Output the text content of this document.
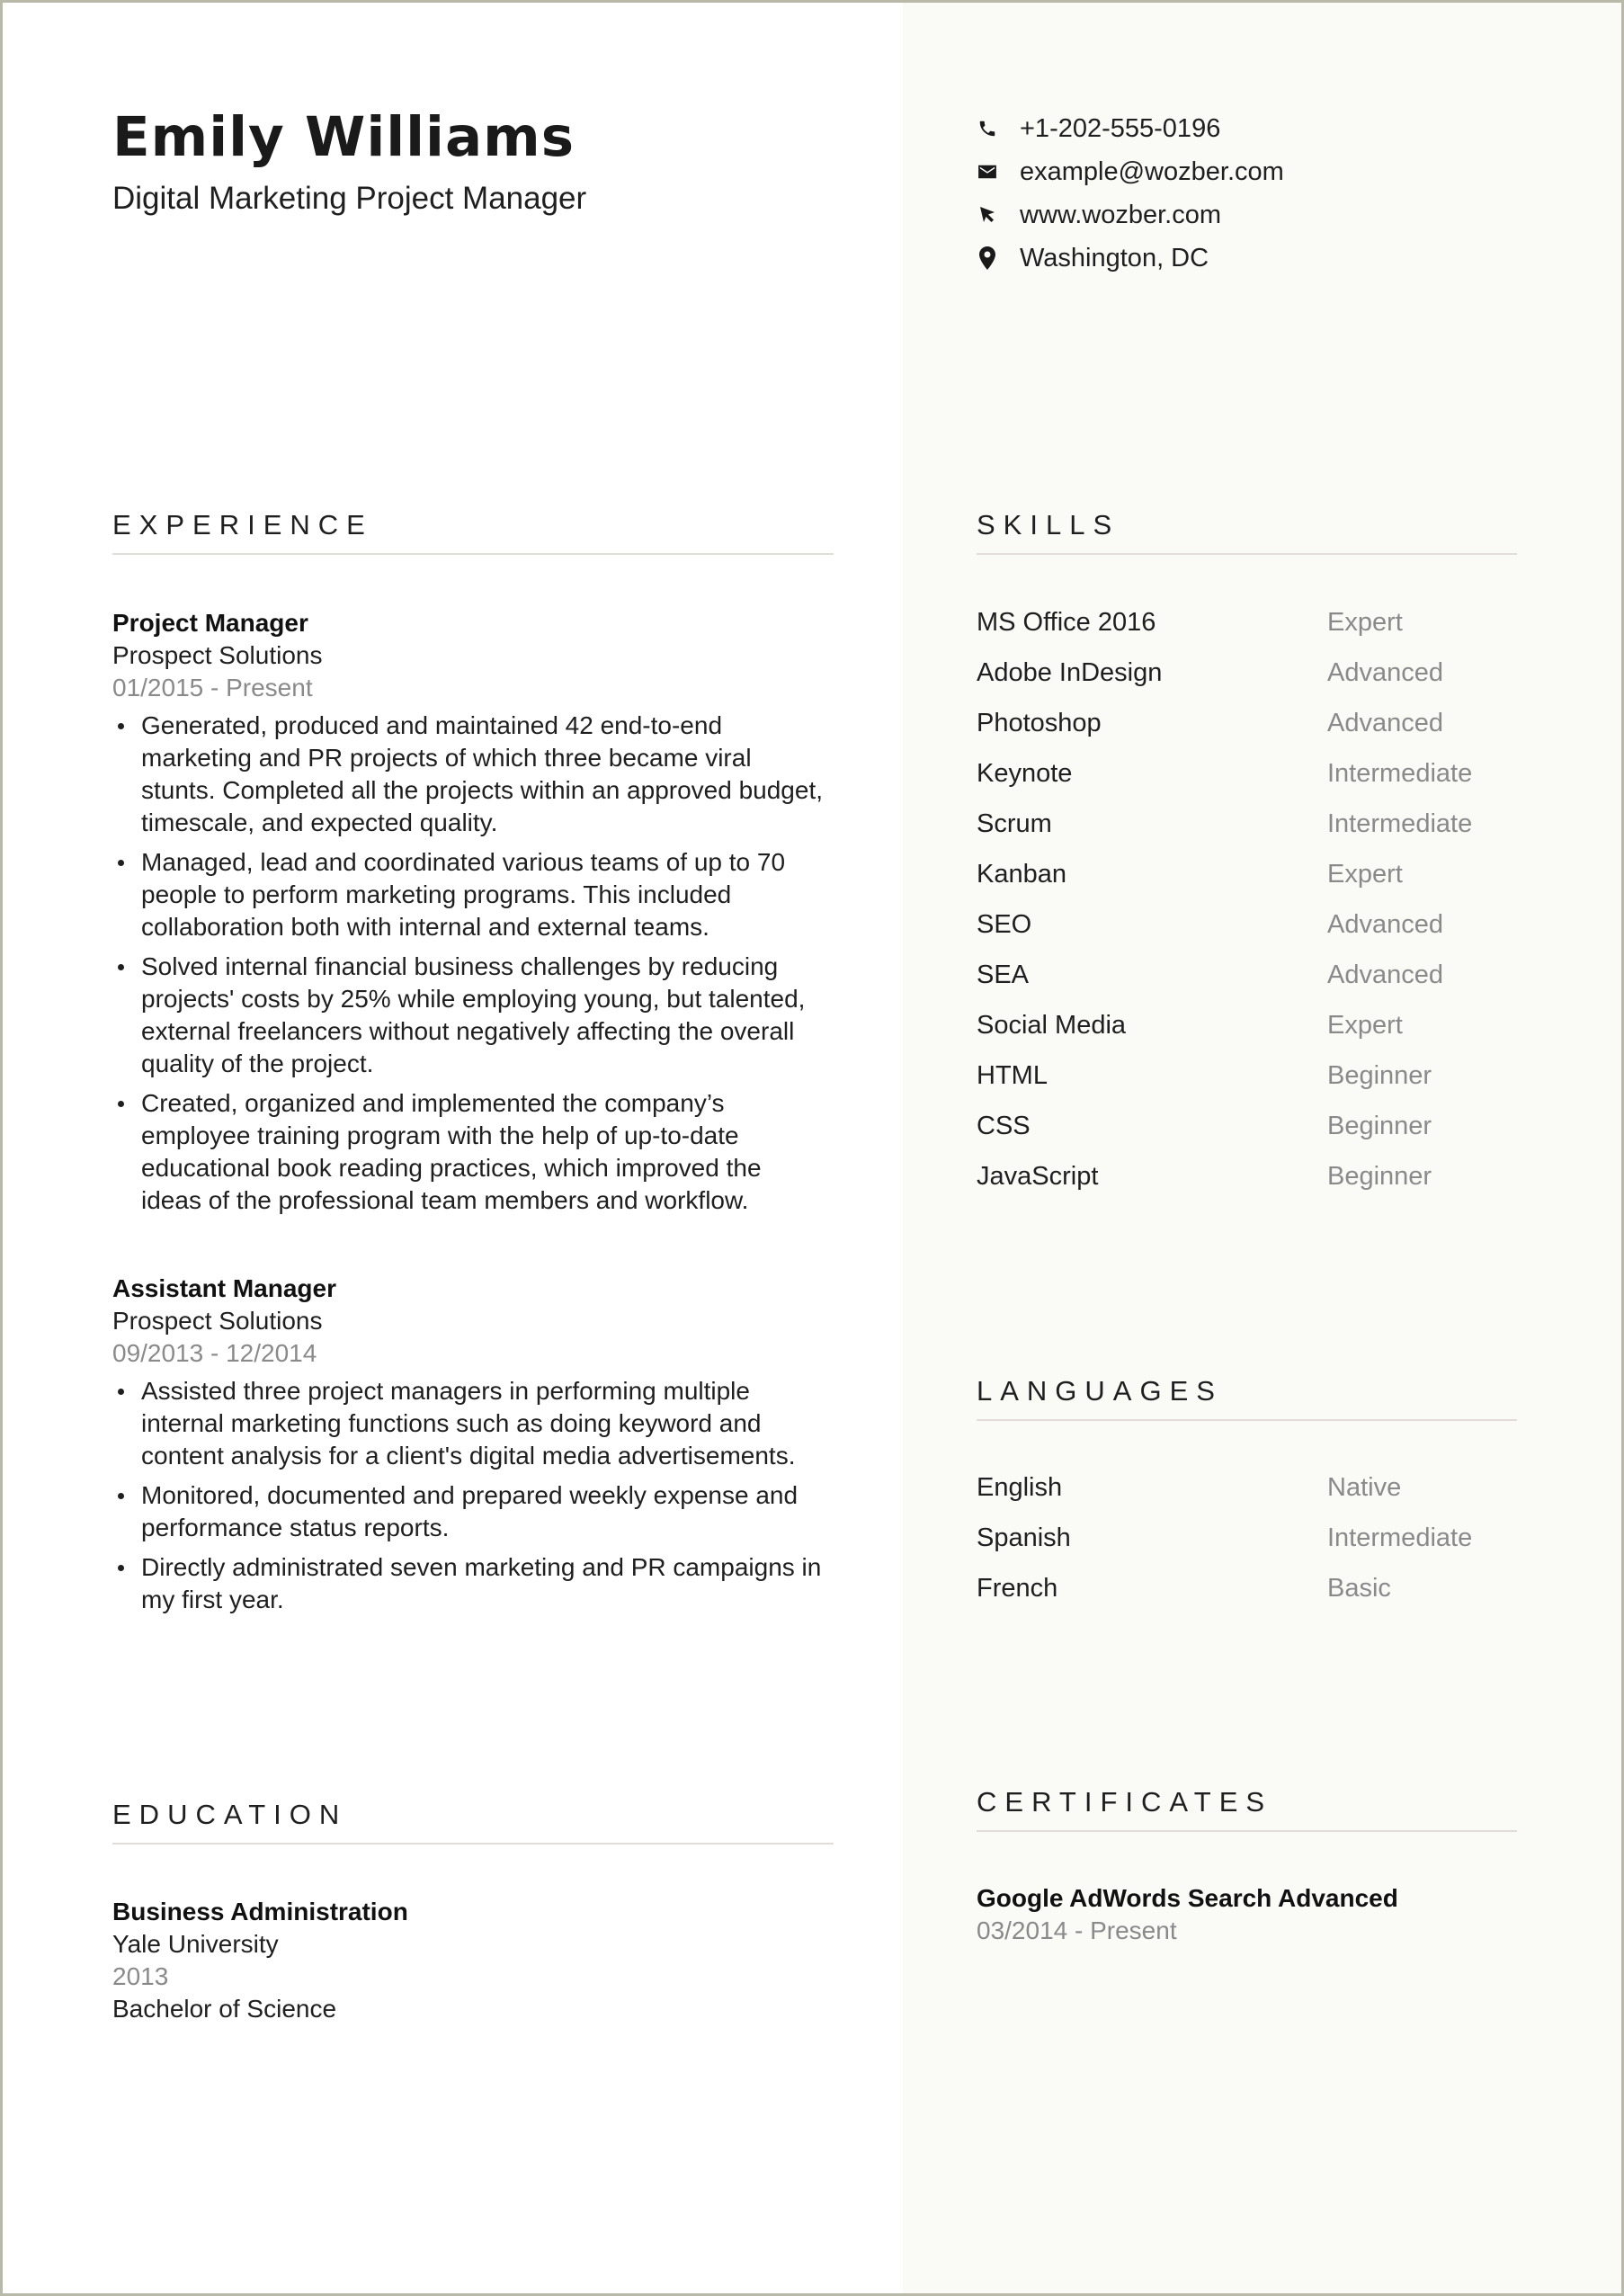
Emily Williams
Digital Marketing Project Manager
+1-202-555-0196
example@wozber.com
www.wozber.com
Washington, DC
EXPERIENCE
Project Manager
Prospect Solutions
01/2015 - Present
Generated, produced and maintained 42 end-to-end marketing and PR projects of which three became viral stunts. Completed all the projects within an approved budget, timescale, and expected quality.
Managed, lead and coordinated various teams of up to 70 people to perform marketing programs. This included collaboration both with internal and external teams.
Solved internal financial business challenges by reducing projects' costs by 25% while employing young, but talented, external freelancers without negatively affecting the overall quality of the project.
Created, organized and implemented the company’s employee training program with the help of up-to-date educational book reading practices, which improved the ideas of the professional team members and workflow.
Assistant Manager
Prospect Solutions
09/2013 - 12/2014
Assisted three project managers in performing multiple internal marketing functions such as doing keyword and content analysis for a client's digital media advertisements.
Monitored, documented and prepared weekly expense and performance status reports.
Directly administrated seven marketing and PR campaigns in my first year.
EDUCATION
Business Administration
Yale University
2013
Bachelor of Science
SKILLS
MS Office 2016	Expert
Adobe InDesign	Advanced
Photoshop	Advanced
Keynote	Intermediate
Scrum	Intermediate
Kanban	Expert
SEO	Advanced
SEA	Advanced
Social Media	Expert
HTML	Beginner
CSS	Beginner
JavaScript	Beginner
LANGUAGES
English	Native
Spanish	Intermediate
French	Basic
CERTIFICATES
Google AdWords Search Advanced
03/2014 - Present
